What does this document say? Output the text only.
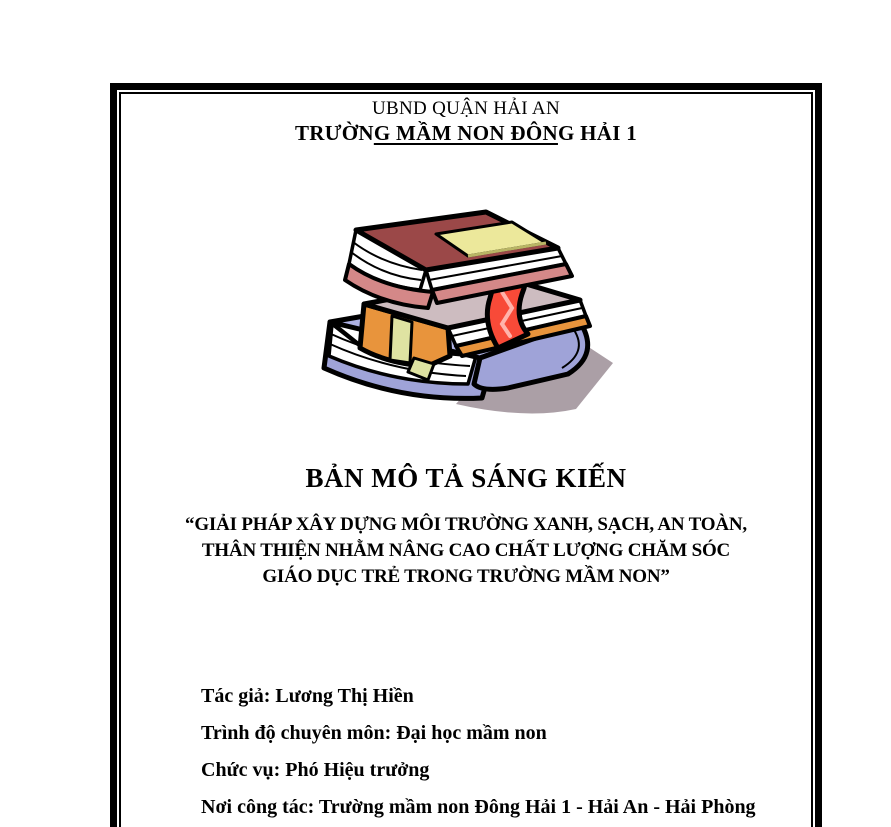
UBND QUẬN HẢI AN
TRƯỜNG MẦM NON ĐÔNG HẢI 1
BẢN MÔ TẢ SÁNG KIẾN
“GIẢI PHÁP XÂY DỰNG MÔI TRƯỜNG XANH, SẠCH, AN TOÀN,
THÂN THIỆN NHẰM NÂNG CAO CHẤT LƯỢNG CHĂM SÓC
GIÁO DỤC TRẺ TRONG TRƯỜNG MẦM NON”
Tác giả: Lương Thị Hiền
Trình độ chuyên môn: Đại học mầm non
Chức vụ: Phó Hiệu trưởng
Nơi công tác: Trường mầm non Đông Hải 1 - Hải An - Hải Phòng
